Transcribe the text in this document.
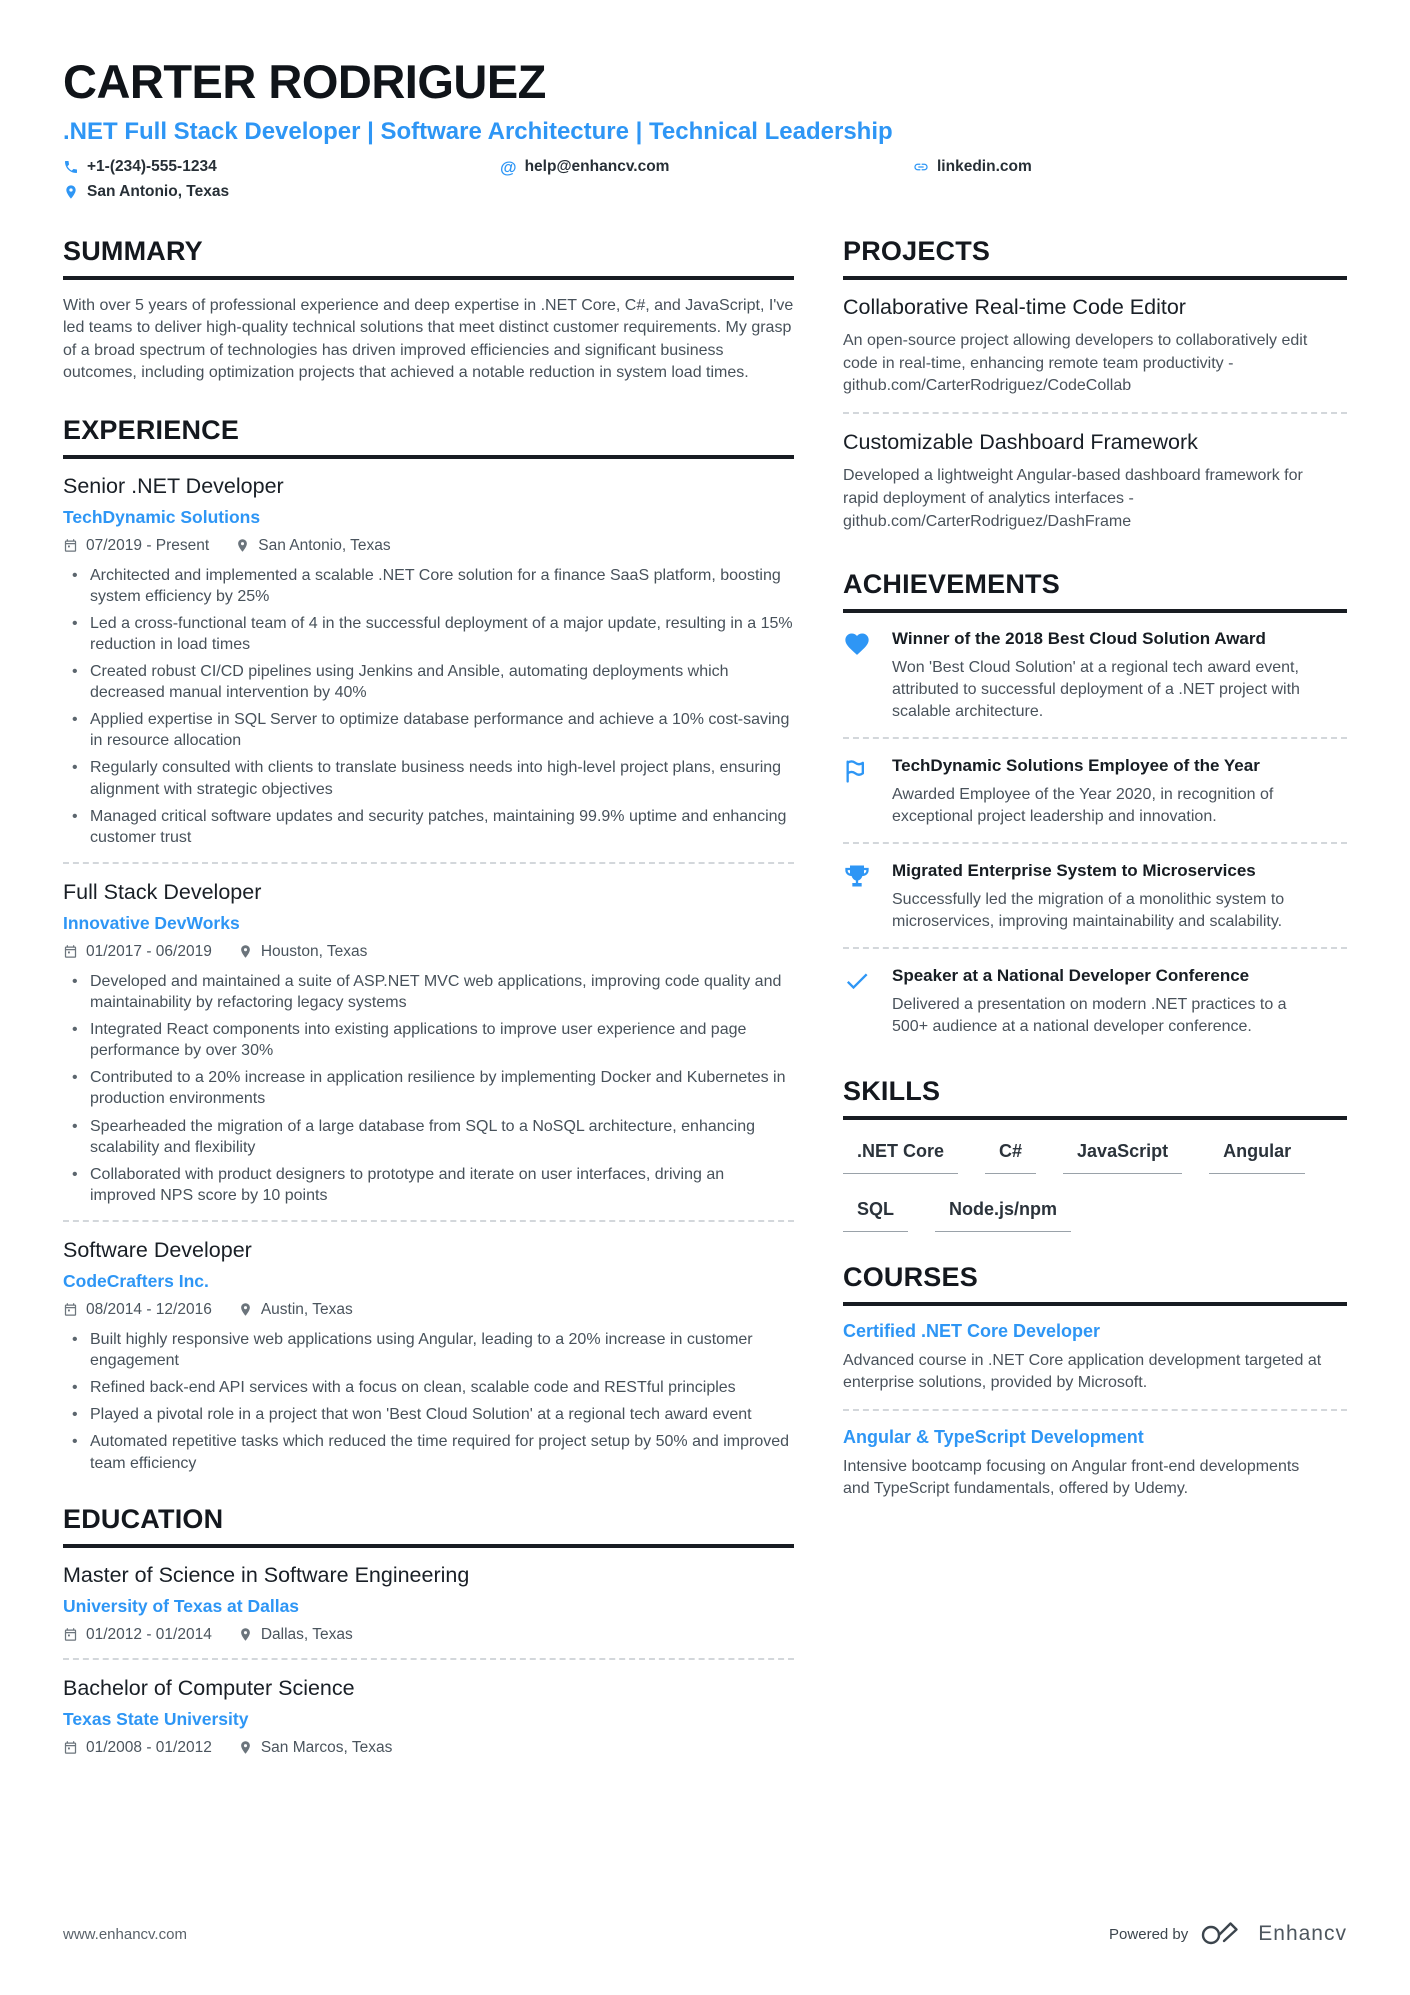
CARTER RODRIGUEZ
.NET Full Stack Developer | Software Architecture | Technical Leadership
+1-(234)-555-1234	@ help@enhancv.com	linkedin.com
San Antonio, Texas
SUMMARY

With over 5 years of professional experience and deep expertise in .NET Core, C#, and JavaScript, I've led teams to deliver high-quality technical solutions that meet distinct customer requirements. My grasp of a broad spectrum of technologies has driven improved efficiencies and significant business outcomes, including optimization projects that achieved a notable reduction in system load times.

EXPERIENCE
Senior .NET Developer
TechDynamic Solutions
07/2019 - Present	San Antonio, Texas
• Architected and implemented a scalable .NET Core solution for a finance SaaS platform, boosting system efficiency by 25%
• Led a cross-functional team of 4 in the successful deployment of a major update, resulting in a 15% reduction in load times
• Created robust CI/CD pipelines using Jenkins and Ansible, automating deployments which decreased manual intervention by 40%
• Applied expertise in SQL Server to optimize database performance and achieve a 10% cost-saving in resource allocation
• Regularly consulted with clients to translate business needs into high-level project plans, ensuring alignment with strategic objectives
• Managed critical software updates and security patches, maintaining 99.9% uptime and enhancing customer trust
Full Stack Developer
Innovative DevWorks
01/2017 - 06/2019	Houston, Texas
• Developed and maintained a suite of ASP.NET MVC web applications, improving code quality and maintainability by refactoring legacy systems
• Integrated React components into existing applications to improve user experience and page performance by over 30%
• Contributed to a 20% increase in application resilience by implementing Docker and Kubernetes in production environments
• Spearheaded the migration of a large database from SQL to a NoSQL architecture, enhancing scalability and flexibility
• Collaborated with product designers to prototype and iterate on user interfaces, driving an improved NPS score by 10 points
Software Developer
CodeCrafters Inc.
08/2014 - 12/2016	Austin, Texas
• Built highly responsive web applications using Angular, leading to a 20% increase in customer engagement
• Refined back-end API services with a focus on clean, scalable code and RESTful principles
• Played a pivotal role in a project that won 'Best Cloud Solution' at a regional tech award event
• Automated repetitive tasks which reduced the time required for project setup by 50% and improved team efficiency
EDUCATION
Master of Science in Software Engineering
University of Texas at Dallas
01/2012 - 01/2014	Dallas, Texas
Bachelor of Computer Science
Texas State University
01/2008 - 01/2012	San Marcos, Texas
PROJECTS
Collaborative Real-time Code Editor

An open-source project allowing developers to collaboratively edit code in real-time, enhancing remote team productivity - github.com/CarterRodriguez/CodeCollab

Customizable Dashboard Framework

Developed a lightweight Angular-based dashboard framework for rapid deployment of analytics interfaces - github.com/CarterRodriguez/DashFrame

ACHIEVEMENTS
Winner of the 2018 Best Cloud Solution Award

Won 'Best Cloud Solution' at a regional tech award event, attributed to successful deployment of a .NET project with scalable architecture.

TechDynamic Solutions Employee of the Year

Awarded Employee of the Year 2020, in recognition of exceptional project leadership and innovation.

Migrated Enterprise System to Microservices

Successfully led the migration of a monolithic system to microservices, improving maintainability and scalability.

Speaker at a National Developer Conference

Delivered a presentation on modern .NET practices to a 500+ audience at a national developer conference.

SKILLS
.NET Core	C#	JavaScript	Angular
SQL	Node.js/npm
COURSES
Certified .NET Core Developer

Advanced course in .NET Core application development targeted at enterprise solutions, provided by Microsoft.

Angular & TypeScript Development

Intensive bootcamp focusing on Angular front-end developments and TypeScript fundamentals, offered by Udemy.

www.enhancv.com	Powered by	Enhancv
